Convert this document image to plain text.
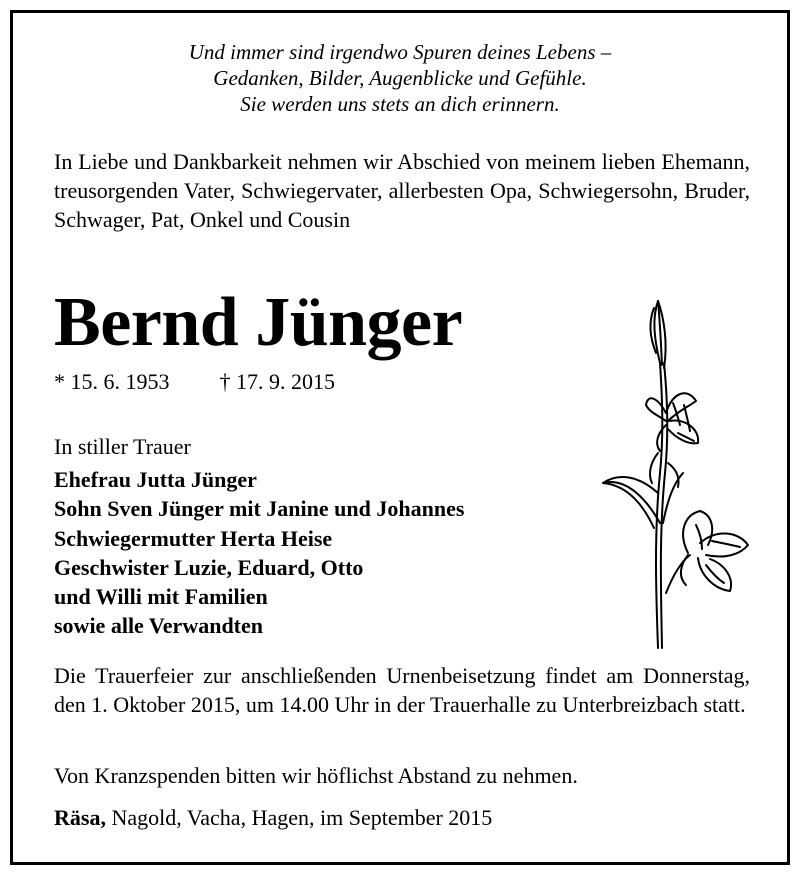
Und immer sind irgendwo Spuren deines Lebens –
Gedanken, Bilder, Augenblicke und Gefühle.
Sie werden uns stets an dich erinnern.
In Liebe und Dankbarkeit nehmen wir Abschied von meinem lieben Ehemann, treusorgenden Vater, Schwiegervater, allerbesten Opa, Schwiegersohn, Bruder, Schwager, Pat, Onkel und Cousin
Bernd Jünger
* 15. 6. 1953 † 17. 9. 2015
In stiller Trauer
Ehefrau Jutta Jünger
Sohn Sven Jünger mit Janine und Johannes
Schwiegermutter Herta Heise
Geschwister Luzie, Eduard, Otto
und Willi mit Familien
sowie alle Verwandten
Die Trauerfeier zur anschließenden Urnenbeisetzung findet am Donnerstag, den 1. Oktober 2015, um 14.00 Uhr in der Trauerhalle zu Unterbreizbach statt.
Von Kranzspenden bitten wir höflichst Abstand zu nehmen.
Räsa, Nagold, Vacha, Hagen, im September 2015
